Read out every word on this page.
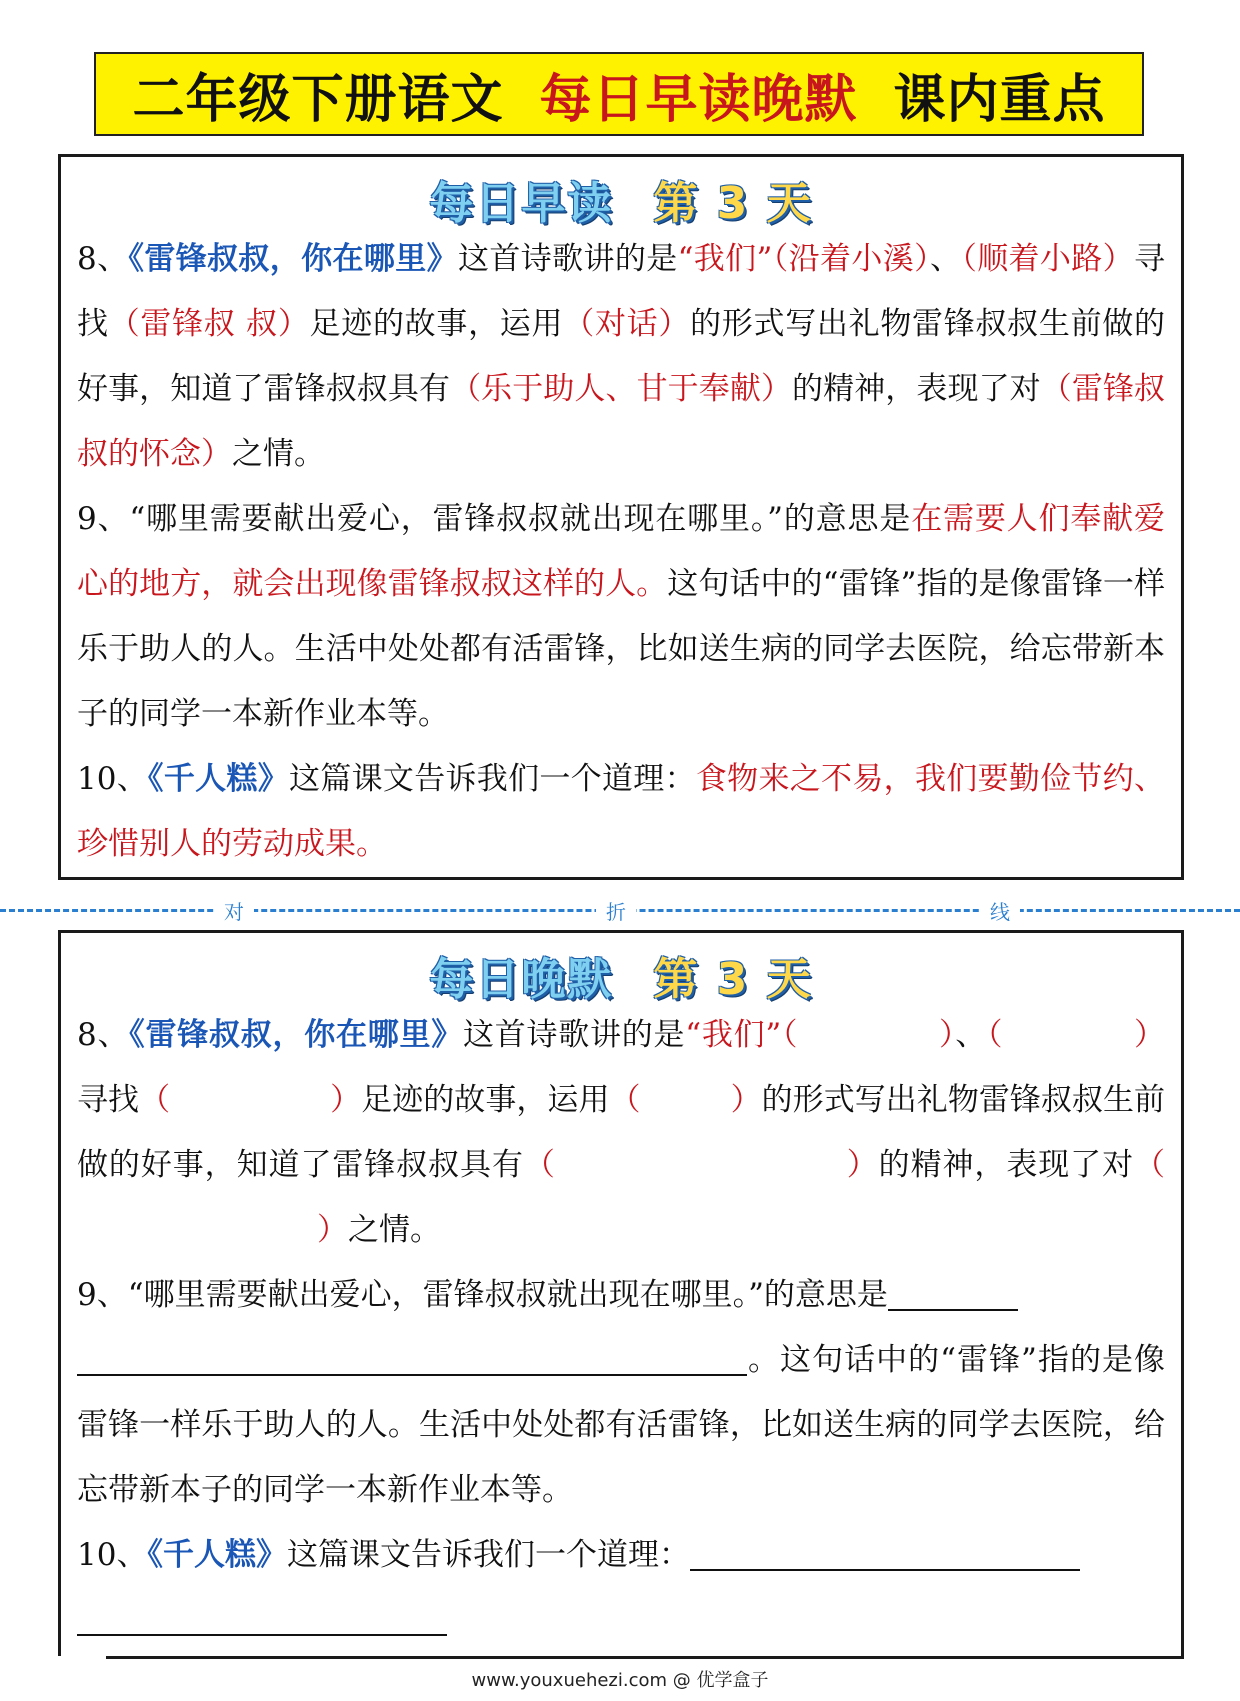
二年级下册语文 每日早读晚默 课内重点
每日早读 第 3 天

8、《雷锋叔叔，你在哪里》这首诗歌讲的是“我们”（沿着小溪）、（顺着小路）寻找（雷锋叔 叔）足迹的故事，运用（对话）的形式写出礼物雷锋叔叔生前做的好事，知道了雷锋叔叔具有（乐于助人、甘于奉献）的精神，表现了对（雷锋叔叔的怀念）之情。

9、“哪里需要献出爱心，雷锋叔叔就出现在哪里。”的意思是在需要人们奉献爱心的地方，就会出现像雷锋叔叔这样的人。这句话中的“雷锋”指的是像雷锋一样乐于助人的人。生活中处处都有活雷锋，比如送生病的同学去医院，给忘带新本子的同学一本新作业本等。

10、《千人糕》这篇课文告诉我们一个道理：食物来之不易，我们要勤俭节约、珍惜别人的劳动成果。

对	折	线
每日晚默 第 3 天

8、《雷锋叔叔，你在哪里》这首诗歌讲的是“我们”（	）、（	）寻找（	）足迹的故事，运用（	）的形式写出礼物雷锋叔叔生前做的好事，知道了雷锋叔叔具有（	）的精神，表现了对（）之情。

9、“哪里需要献出爱心，雷锋叔叔就出现在哪里。”的意思是
。这句话中的“雷锋”指的是像雷锋一样乐于助人的人。生活中处处都有活雷锋，比如送生病的同学去医院，给忘带新本子的同学一本新作业本等。

10、《千人糕》这篇课文告诉我们一个道理：

www.youxuehezi.com @ 优学盒子
